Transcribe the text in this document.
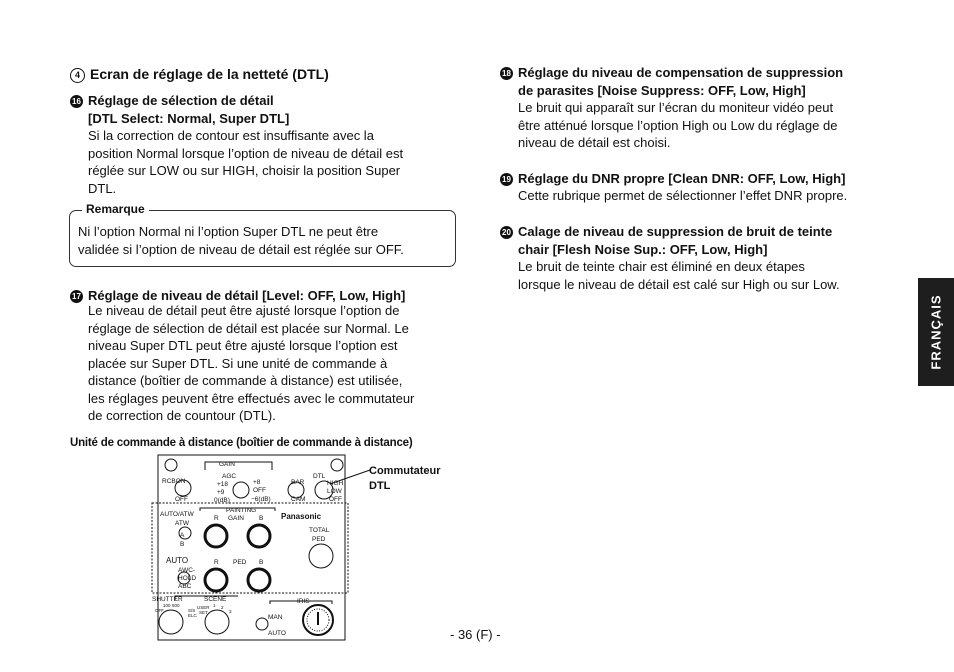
4 Ecran de réglage de la netteté (DTL)
16 Réglage de sélection de détail
[DTL Select: Normal, Super DTL]
Si la correction de contour est insuffisante avec la
position Normal lorsque l’option de niveau de détail est
réglée sur LOW ou sur HIGH, choisir la position Super
DTL.
Remarque
Ni l’option Normal ni l’option Super DTL ne peut être
validée si l’option de niveau de détail est réglée sur OFF.
17 Réglage de niveau de détail [Level: OFF, Low, High]
Le niveau de détail peut être ajusté lorsque l’option de
réglage de sélection de détail est placée sur Normal. Le
niveau Super DTL peut être ajusté lorsque l’option est
placée sur Super DTL. Si une unité de commande à
distance (boîtier de commande à distance) est utilisée,
les réglages peuvent être effectués avec le commutateur
de correction de countour (DTL).
Unité de commande à distance (boîtier de commande à distance)
GAIN
RCBON
OFF
AGC
+18
+9
0(dB)
+8
OFF
−6(dB)
BAR
CAM
DTL
HIGH
LOW
OFF
AUTO/ATW
ATW
A
B
AUTO
AWC-
HOLD
ABC
PAINTING
R GAIN B
R PED B
Panasonic
TOTAL
PED
SHUTTER	SCENE	IRIS
MAN
AUTO
100 500
OFF	S/S
ELC
USER
SET
1 2
3
Commutateur
DTL
18 Réglage du niveau de compensation de suppression
de parasites [Noise Suppress: OFF, Low, High]
Le bruit qui apparaît sur l’écran du moniteur vidéo peut
être atténué lorsque l’option High ou Low du réglage de
niveau de détail est choisi.
19 Réglage du DNR propre [Clean DNR: OFF, Low, High]
Cette rubrique permet de sélectionner l’effet DNR propre.
20 Calage de niveau de suppression de bruit de teinte
chair [Flesh Noise Sup.: OFF, Low, High]
Le bruit de teinte chair est éliminé en deux étapes
lorsque le niveau de détail est calé sur High ou sur Low.
FRANÇAIS
- 36 (F) -
